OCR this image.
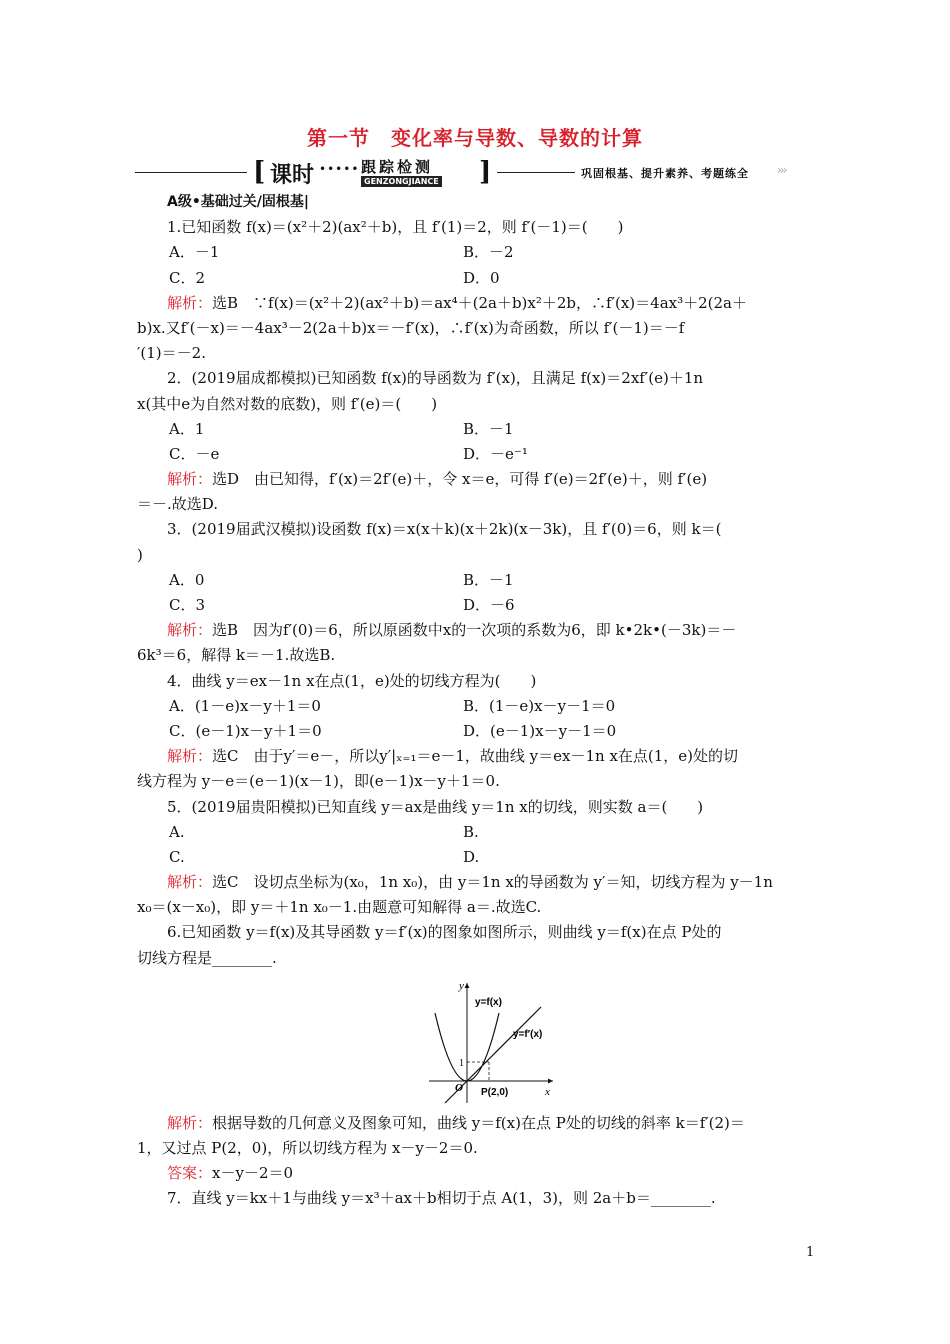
第一节　变化率与导数、导数的计算
[ 课时 ••••• 跟踪检测
GENZONGJIANCE ]	巩固根基、提升素养、考题练全 ›››
A级•基础过关/固根基|
1.已知函数 f(x)＝(x²＋2)(ax²＋b)，且 f′(1)＝2，则 f′(－1)＝(　　)
A．－1	B．－2
C．2	D．0
解析：选B　∵f(x)＝(x²＋2)(ax²＋b)＝ax⁴＋(2a＋b)x²＋2b，∴f′(x)＝4ax³＋2(2a＋
b)x.又f′(－x)＝－4ax³－2(2a＋b)x＝－f′(x)，∴f′(x)为奇函数，所以 f′(－1)＝－f
′(1)＝－2.
2．(2019届成都模拟)已知函数 f(x)的导函数为 f′(x)，且满足 f(x)＝2xf′(e)＋1n
x(其中e为自然对数的底数)，则 f′(e)＝(　　)
A．1	B．－1
C．－e	D．－e⁻¹
解析：选D　由已知得，f′(x)＝2f′(e)＋，令 x＝e，可得 f′(e)＝2f′(e)＋，则 f′(e)
＝－.故选D.
3．(2019届武汉模拟)设函数 f(x)＝x(x＋k)(x＋2k)(x－3k)，且 f′(0)＝6，则 k＝(
)
A．0	B．－1
C．3	D．－6
解析：选B　因为f′(0)＝6，所以原函数中x的一次项的系数为6，即 k•2k•(－3k)＝－
6k³＝6，解得 k＝－1.故选B.
4．曲线 y＝ex－1n x在点(1，e)处的切线方程为(　　)
A．(1－e)x－y＋1＝0	B．(1－e)x－y－1＝0
C．(e－1)x－y＋1＝0	D．(e－1)x－y－1＝0
解析：选C　由于y′＝e－，所以y′|ₓ₌₁＝e－1，故曲线 y＝ex－1n x在点(1，e)处的切
线方程为 y－e＝(e－1)(x－1)，即(e－1)x－y＋1＝0.
5．(2019届贵阳模拟)已知直线 y＝ax是曲线 y＝1n x的切线，则实数 a＝(　　)
A.	B.
C.	D.
解析：选C　设切点坐标为(x₀，1n x₀)，由 y＝1n x的导函数为 y′＝知，切线方程为 y－1n
x₀＝(x－x₀)，即 y＝＋1n x₀－1.由题意可知解得 a＝.故选C.
6.已知函数 y＝f(x)及其导函数 y＝f′(x)的图象如图所示，则曲线 y＝f(x)在点 P处的
切线方程是________.
y
x
y=f(x)
y=f′(x)
1
O P(2,0)
解析：根据导数的几何意义及图象可知，曲线 y＝f(x)在点 P处的切线的斜率 k＝f′(2)＝
1，又过点 P(2，0)，所以切线方程为 x－y－2＝0.
答案：x－y－2＝0
7．直线 y＝kx＋1与曲线 y＝x³＋ax＋b相切于点 A(1，3)，则 2a＋b＝________.
1
